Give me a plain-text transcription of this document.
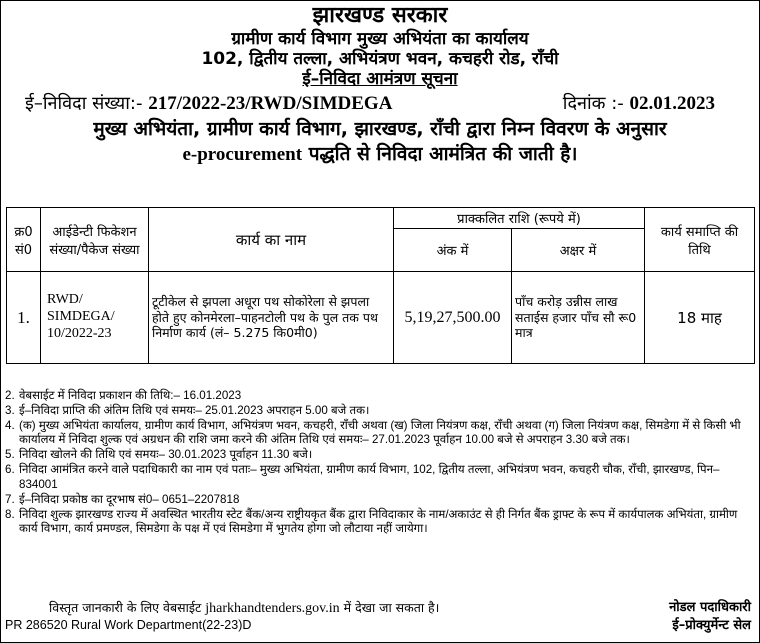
झारखण्ड सरकार
ग्रामीण कार्य विभाग मुख्य अभियंता का कार्यालय
102, द्वितीय तल्ला, अभियंत्रण भवन, कचहरी रोड, राँची
ई–निविदा आमंत्रण सूचना
ई–निविदा संख्या:- 217/2022-23/RWD/SIMDEGA	दिनांक :- 02.01.2023
मुख्य अभियंता, ग्रामीण कार्य विभाग, झारखण्ड, राँची द्वारा निम्न विवरण के अनुसार
e-procurement पद्धति से निविदा आमंत्रित की जाती है।
क्र0 सं0	आईडेन्टी फिकेशन संख्या/पैकेज संख्या	कार्य का नाम	प्राक्कलित राशि (रूपये में)		कार्य समाप्ति की तिथि
			अंक में	अक्षर में	
1.	RWD/ SIMDEGA/ 10/2022-23	टूटीकेल से झपला अधूरा पथ सोकोरेला से झपला होते हुए कोनमेरला–पाहनटोली पथ के पुल तक पथ निर्माण कार्य (लं– 5.275 कि0मी0)	5,19,27,500.00	पाँच करोड़ उन्नीस लाख सताईस हजार पाँच सौ रू0 मात्र	18 माह
2. वेबसाईट में निविदा प्रकाशन की तिथि:– 16.01.2023
3. ई–निविदा प्राप्ति की अंतिम तिथि एवं समयः– 25.01.2023 अपराहन 5.00 बजे तक।
4. (क) मुख्य अभियंता कार्यालय, ग्रामीण कार्य विभाग, अभियंत्रण भवन, कचहरी, राँची अथवा (ख) जिला नियंत्रण कक्ष, राँची अथवा (ग) जिला नियंत्रण कक्ष, सिमडेगा में से किसी भी कार्यालय में निविदा शुल्क एवं अग्रधन की राशि जमा करने की अंतिम तिथि एवं समयः– 27.01.2023 पूर्वाहन 10.00 बजे से अपराहन 3.30 बजे तक।
5. निविदा खोलने की तिथि एवं समयः– 30.01.2023 पूर्वाहन 11.30 बजे।
6. निविदा आमंत्रित करने वाले पदाधिकारी का नाम एवं पताः– मुख्य अभियंता, ग्रामीण कार्य विभाग, 102, द्वितीय तल्ला, अभियंत्रण भवन, कचहरी चौक, राँची, झारखण्ड, पिन– 834001
7. ई–निविदा प्रकोष्ठ का दूरभाष सं0– 0651–2207818
8. निविदा शुल्क झारखण्ड राज्य में अवस्थित भारतीय स्टेट बैंक/अन्य राष्ट्रीयकृत बैंक द्वारा निविदाकार के नाम/अकाउंट से ही निर्गत बैंक ड्राफ्ट के रूप में कार्यपालक अभियंता, ग्रामीण कार्य विभाग, कार्य प्रमण्डल, सिमडेगा के पक्ष में एवं सिमडेगा में भुगतेय होगा जो लौटाया नहीं जायेगा।
विस्तृत जानकारी के लिए वेबसाईट jharkhandtenders.gov.in में देखा जा सकता है।	नोडल पदाधिकारी
ई–प्रोक्युर्मेन्ट सेल
PR 286520 Rural Work Department(22-23)D
